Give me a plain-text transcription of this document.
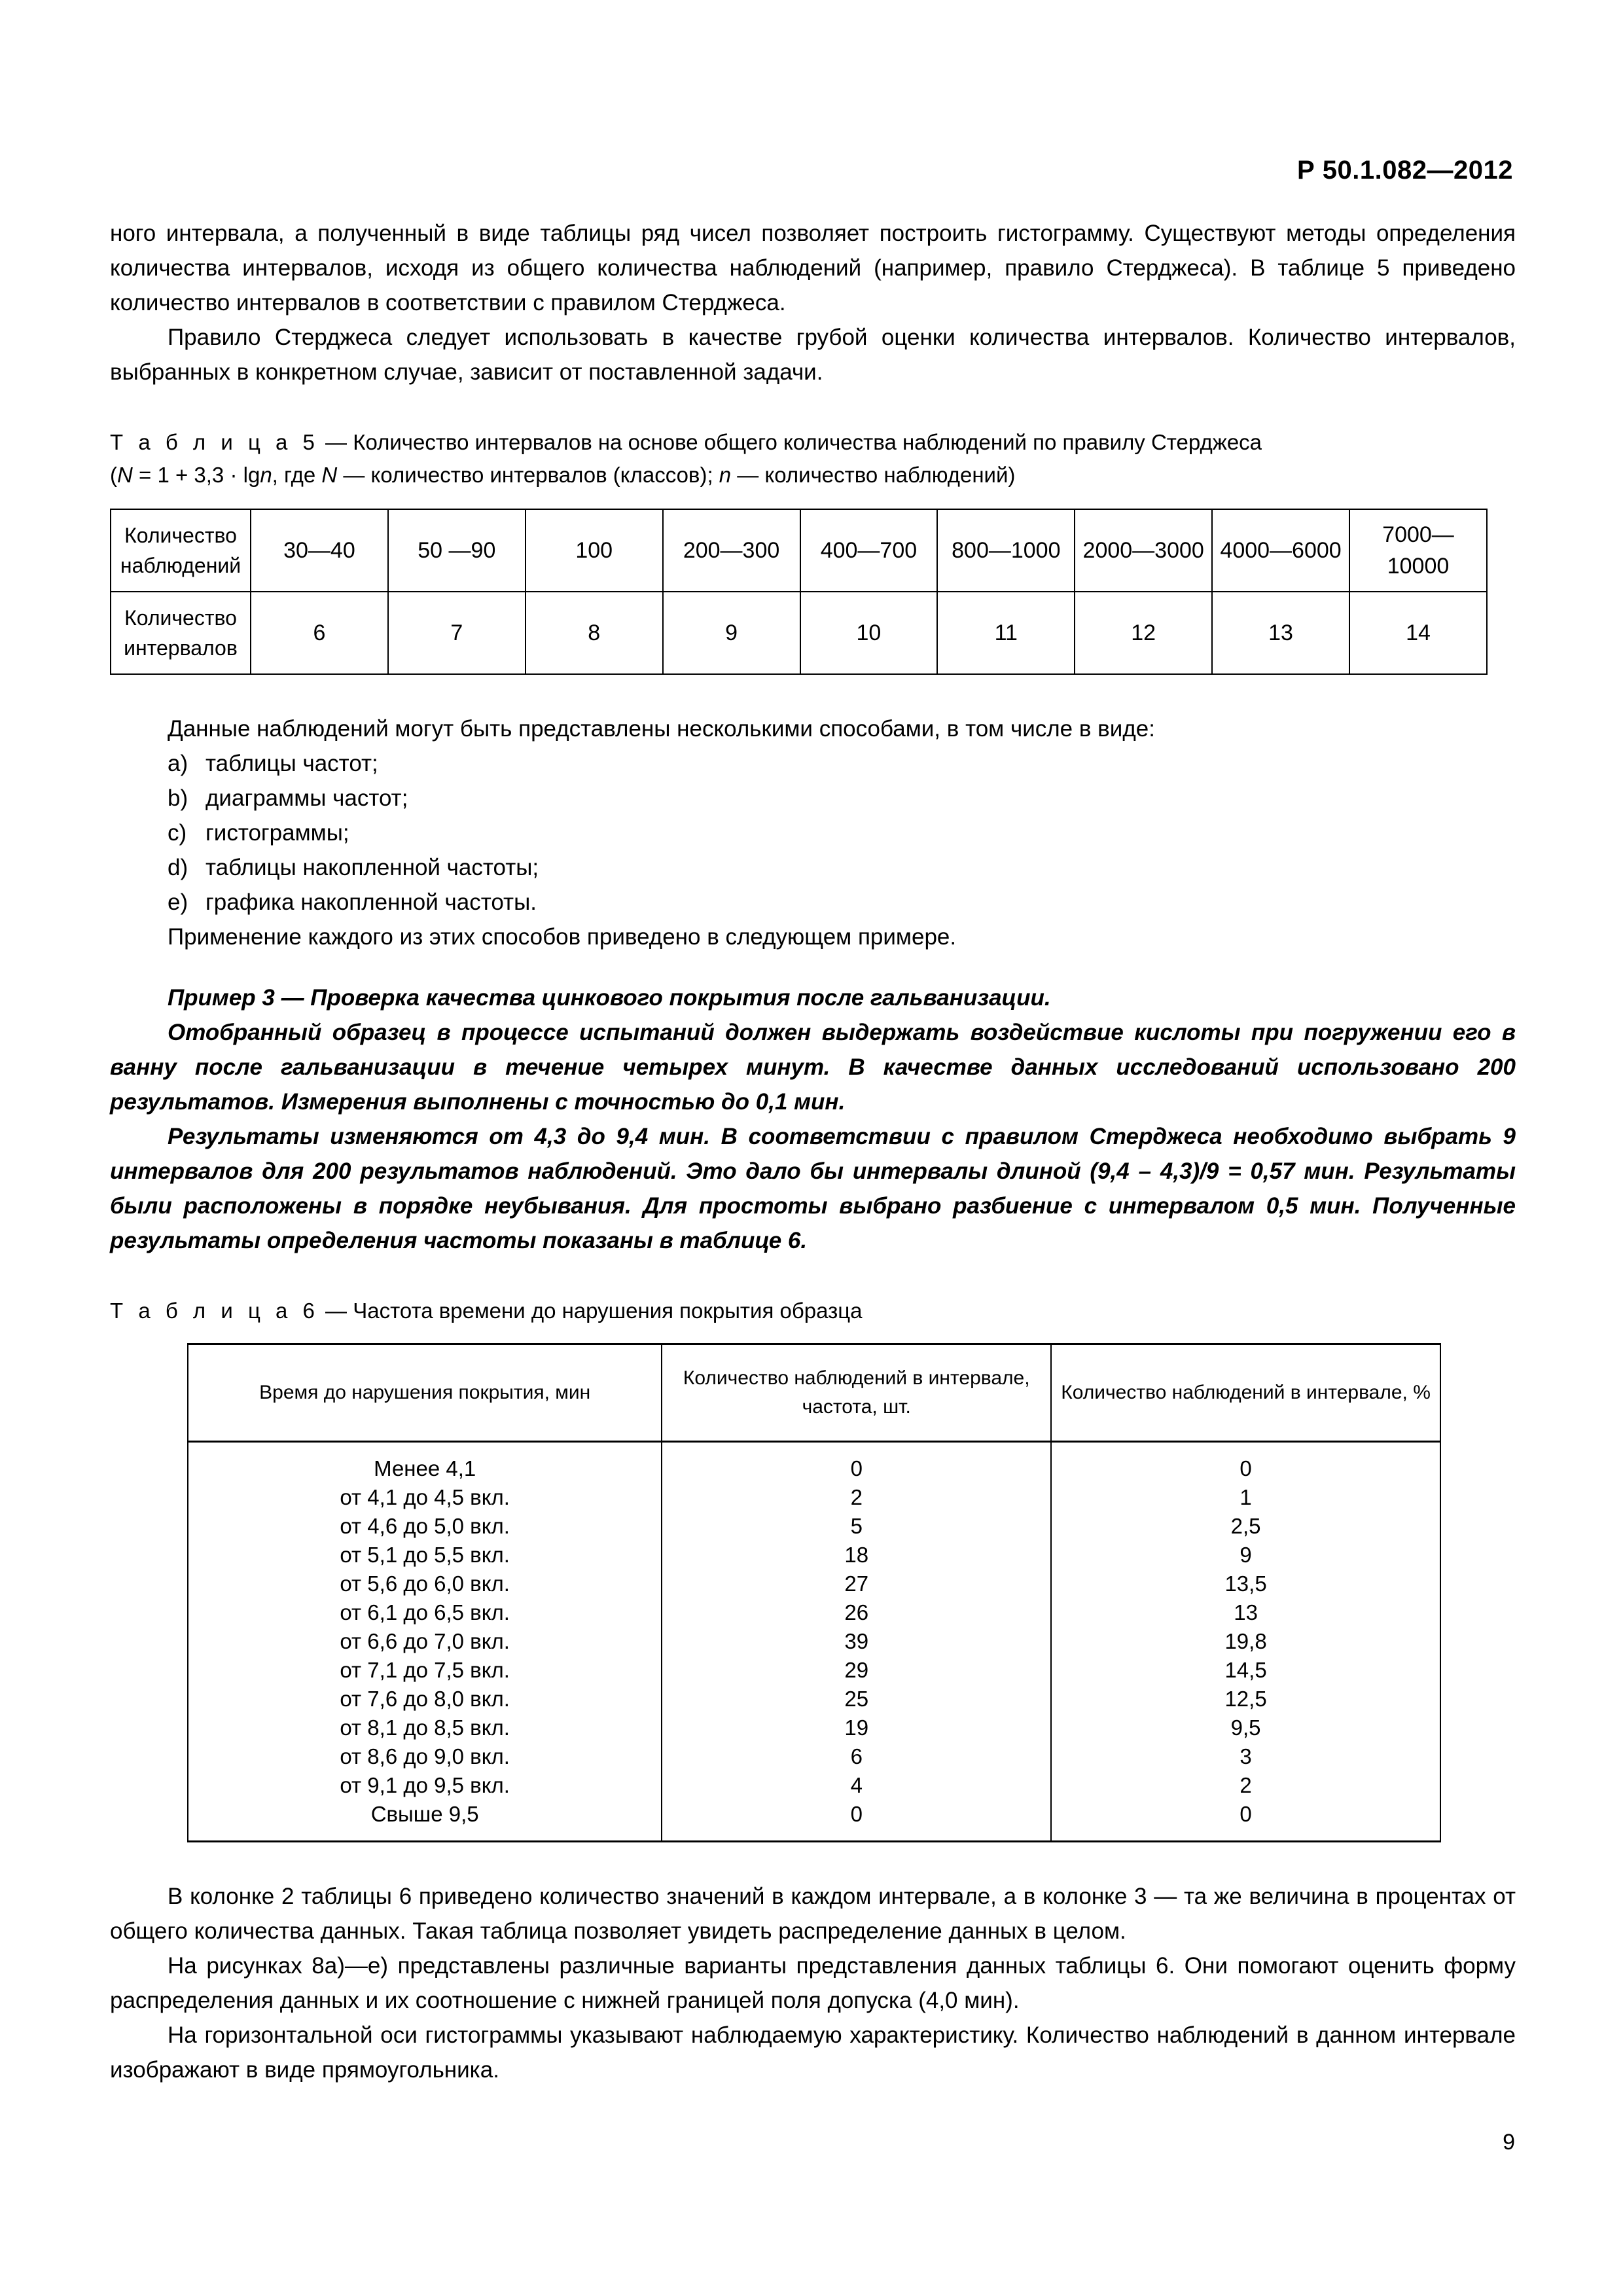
Р 50.1.082—2012

ного интервала, а полученный в виде таблицы ряд чисел позволяет построить гистограмму. Существуют методы определения количества интервалов, исходя из общего количества наблюдений (например, правило Стерджеса). В таблице 5 приведено количество интервалов в соответствии с правилом Стерджеса.

Правило Стерджеса следует использовать в качестве грубой оценки количества интервалов. Количество интервалов, выбранных в конкретном случае, зависит от поставленной задачи.

Т а б л и ц а 5 — Количество интервалов на основе общего количества наблюдений по правилу Стерджеса
(N = 1 + 3,3 · lgn, где N — количество интервалов (классов); n — количество наблюдений)
Количество наблюдений	30—40	50 —90	100	200—300	400—700	800—1000	2000—3000	4000—6000	7000—10000
Количество интервалов	6	7	8	9	10	11	12	13	14

Данные наблюдений могут быть представлены несколькими способами, в том числе в виде:

a) таблицы частот;
b) диаграммы частот;
c) гистограммы;
d) таблицы накопленной частоты;
e) графика накопленной частоты.

Применение каждого из этих способов приведено в следующем примере.

Пример 3 — Проверка качества цинкового покрытия после гальванизации.

Отобранный образец в процессе испытаний должен выдержать воздействие кислоты при погружении его в ванну после гальванизации в течение четырех минут. В качестве данных исследований использовано 200 результатов. Измерения выполнены с точностью до 0,1 мин.

Результаты изменяются от 4,3 до 9,4 мин. В соответствии с правилом Стерджеса необходимо выбрать 9 интервалов для 200 результатов наблюдений. Это дало бы интервалы длиной (9,4 – 4,3)/9 = 0,57 мин. Результаты были расположены в порядке неубывания. Для простоты выбрано разбиение с интервалом 0,5 мин. Полученные результаты определения частоты показаны в таблице 6.

Т а б л и ц а 6 — Частота времени до нарушения покрытия образца
Время до нарушения покрытия, мин	Количество наблюдений в интервале, частота, шт.	Количество наблюдений в интервале, %
Менее 4,1	0	0
от 4,1 до 4,5 вкл.	2	1
от 4,6 до 5,0 вкл.	5	2,5
от 5,1 до 5,5 вкл.	18	9
от 5,6 до 6,0 вкл.	27	13,5
от 6,1 до 6,5 вкл.	26	13
от 6,6 до 7,0 вкл.	39	19,8
от 7,1 до 7,5 вкл.	29	14,5
от 7,6 до 8,0 вкл.	25	12,5
от 8,1 до 8,5 вкл.	19	9,5
от 8,6 до 9,0 вкл.	6	3
от 9,1 до 9,5 вкл.	4	2
Свыше 9,5	0	0

В колонке 2 таблицы 6 приведено количество значений в каждом интервале, а в колонке 3 — та же величина в процентах от общего количества данных. Такая таблица позволяет увидеть распределение данных в целом.

На рисунках 8а)—е) представлены различные варианты представления данных таблицы 6. Они помогают оценить форму распределения данных и их соотношение с нижней границей поля допуска (4,0 мин).

На горизонтальной оси гистограммы указывают наблюдаемую характеристику. Количество наблюдений в данном интервале изображают в виде прямоугольника.

9
